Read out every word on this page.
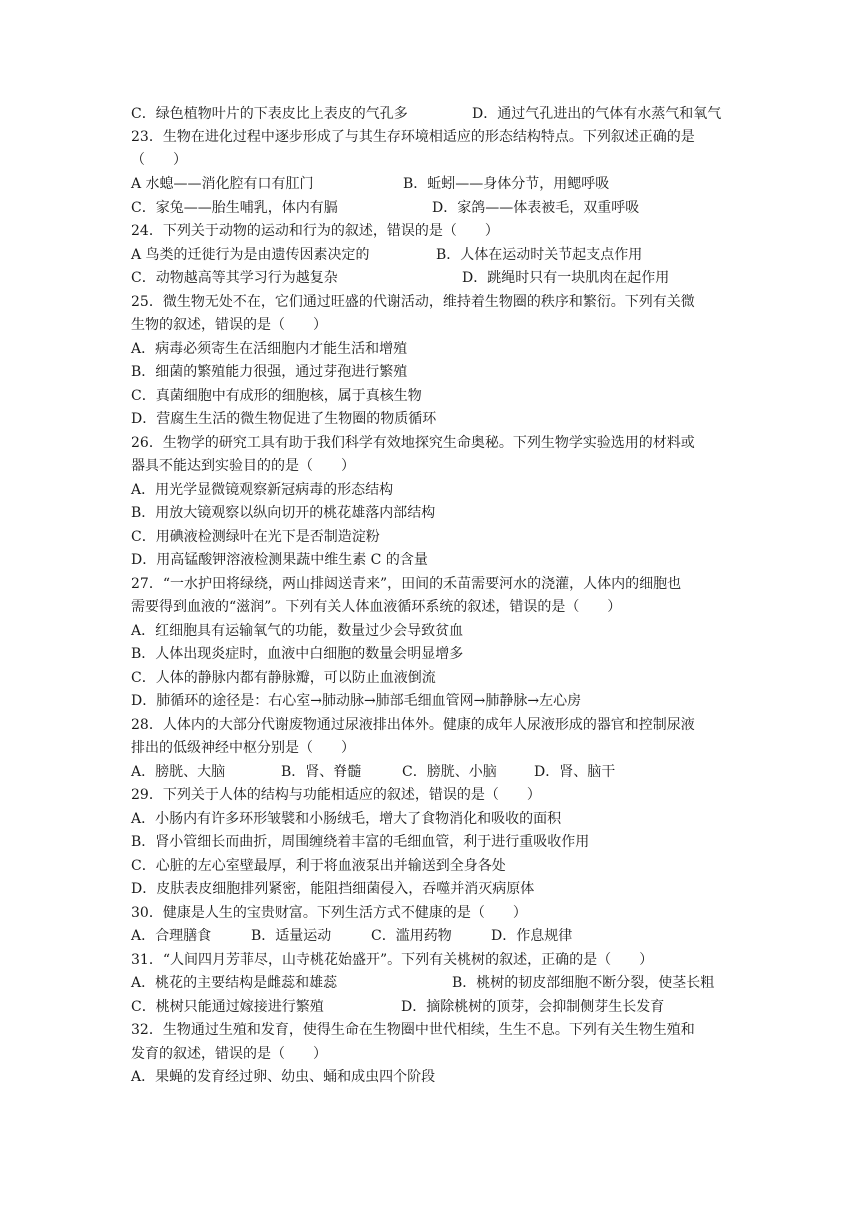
C．绿色植物叶片的下表皮比上表皮的气孔多	D．通过气孔进出的气体有水蒸气和氧气
23．生物在进化过程中逐步形成了与其生存环境相适应的形态结构特点。下列叙述正确的是
（　　）
A 水螅——消化腔有口有肛门	B．蚯蚓——身体分节，用鳃呼吸
C．家兔——胎生哺乳，体内有膈	D．家鸽——体表被毛，双重呼吸
24．下列关于动物的运动和行为的叙述，错误的是（　　）
A 鸟类的迁徙行为是由遗传因素决定的	B．人体在运动时关节起支点作用
C．动物越高等其学习行为越复杂	D．跳绳时只有一块肌肉在起作用
25．微生物无处不在，它们通过旺盛的代谢活动，维持着生物圈的秩序和繁衍。下列有关微
生物的叙述，错误的是（　　）
A．病毒必须寄生在活细胞内才能生活和增殖
B．细菌的繁殖能力很强，通过芽孢进行繁殖
C．真菌细胞中有成形的细胞核，属于真核生物
D．营腐生生活的微生物促进了生物圈的物质循环
26．生物学的研究工具有助于我们科学有效地探究生命奥秘。下列生物学实验选用的材料或
器具不能达到实验目的的是（　　）
A．用光学显微镜观察新冠病毒的形态结构
B．用放大镜观察以纵向切开的桃花雄落内部结构
C．用碘液检测绿叶在光下是否制造淀粉
D．用高锰酸钾溶液检测果蔬中维生素 C 的含量
27．“一水护田将绿绕，两山排闼送青来”，田间的禾苗需要河水的浇灌，人体内的细胞也
需要得到血液的“滋润”。下列有关人体血液循环系统的叙述，错误的是（　　）
A．红细胞具有运输氧气的功能，数量过少会导致贫血
B．人体出现炎症时，血液中白细胞的数量会明显增多
C．人体的静脉内都有静脉瓣，可以防止血液倒流
D．肺循环的途径是：右心室→肺动脉→肺部毛细血管网→肺静脉→左心房
28．人体内的大部分代谢废物通过尿液排出体外。健康的成年人尿液形成的器官和控制尿液
排出的低级神经中枢分别是（　　）
A．膀胱、大脑	B．肾、脊髓	C．膀胱、小脑	D．肾、脑干
29．下列关于人体的结构与功能相适应的叙述，错误的是（　　）
A．小肠内有许多环形皱襞和小肠绒毛，增大了食物消化和吸收的面积
B．肾小管细长而曲折，周围缠绕着丰富的毛细血管，利于进行重吸收作用
C．心脏的左心室壁最厚，利于将血液泵出并输送到全身各处
D．皮肤表皮细胞排列紧密，能阻挡细菌侵入，吞噬并消灭病原体
30．健康是人生的宝贵财富。下列生活方式不健康的是（　　）
A．合理膳食	B．适量运动	C．滥用药物	D．作息规律
31．“人间四月芳菲尽，山寺桃花始盛开”。下列有关桃树的叙述，正确的是（　　）
A．桃花的主要结构是雌蕊和雄蕊	B．桃树的韧皮部细胞不断分裂，使茎长粗
C．桃树只能通过嫁接进行繁殖	D．摘除桃树的顶芽，会抑制侧芽生长发育
32．生物通过生殖和发育，使得生命在生物圈中世代相续，生生不息。下列有关生物生殖和
发育的叙述，错误的是（　　）
A．果蝇的发育经过卵、幼虫、蛹和成虫四个阶段
